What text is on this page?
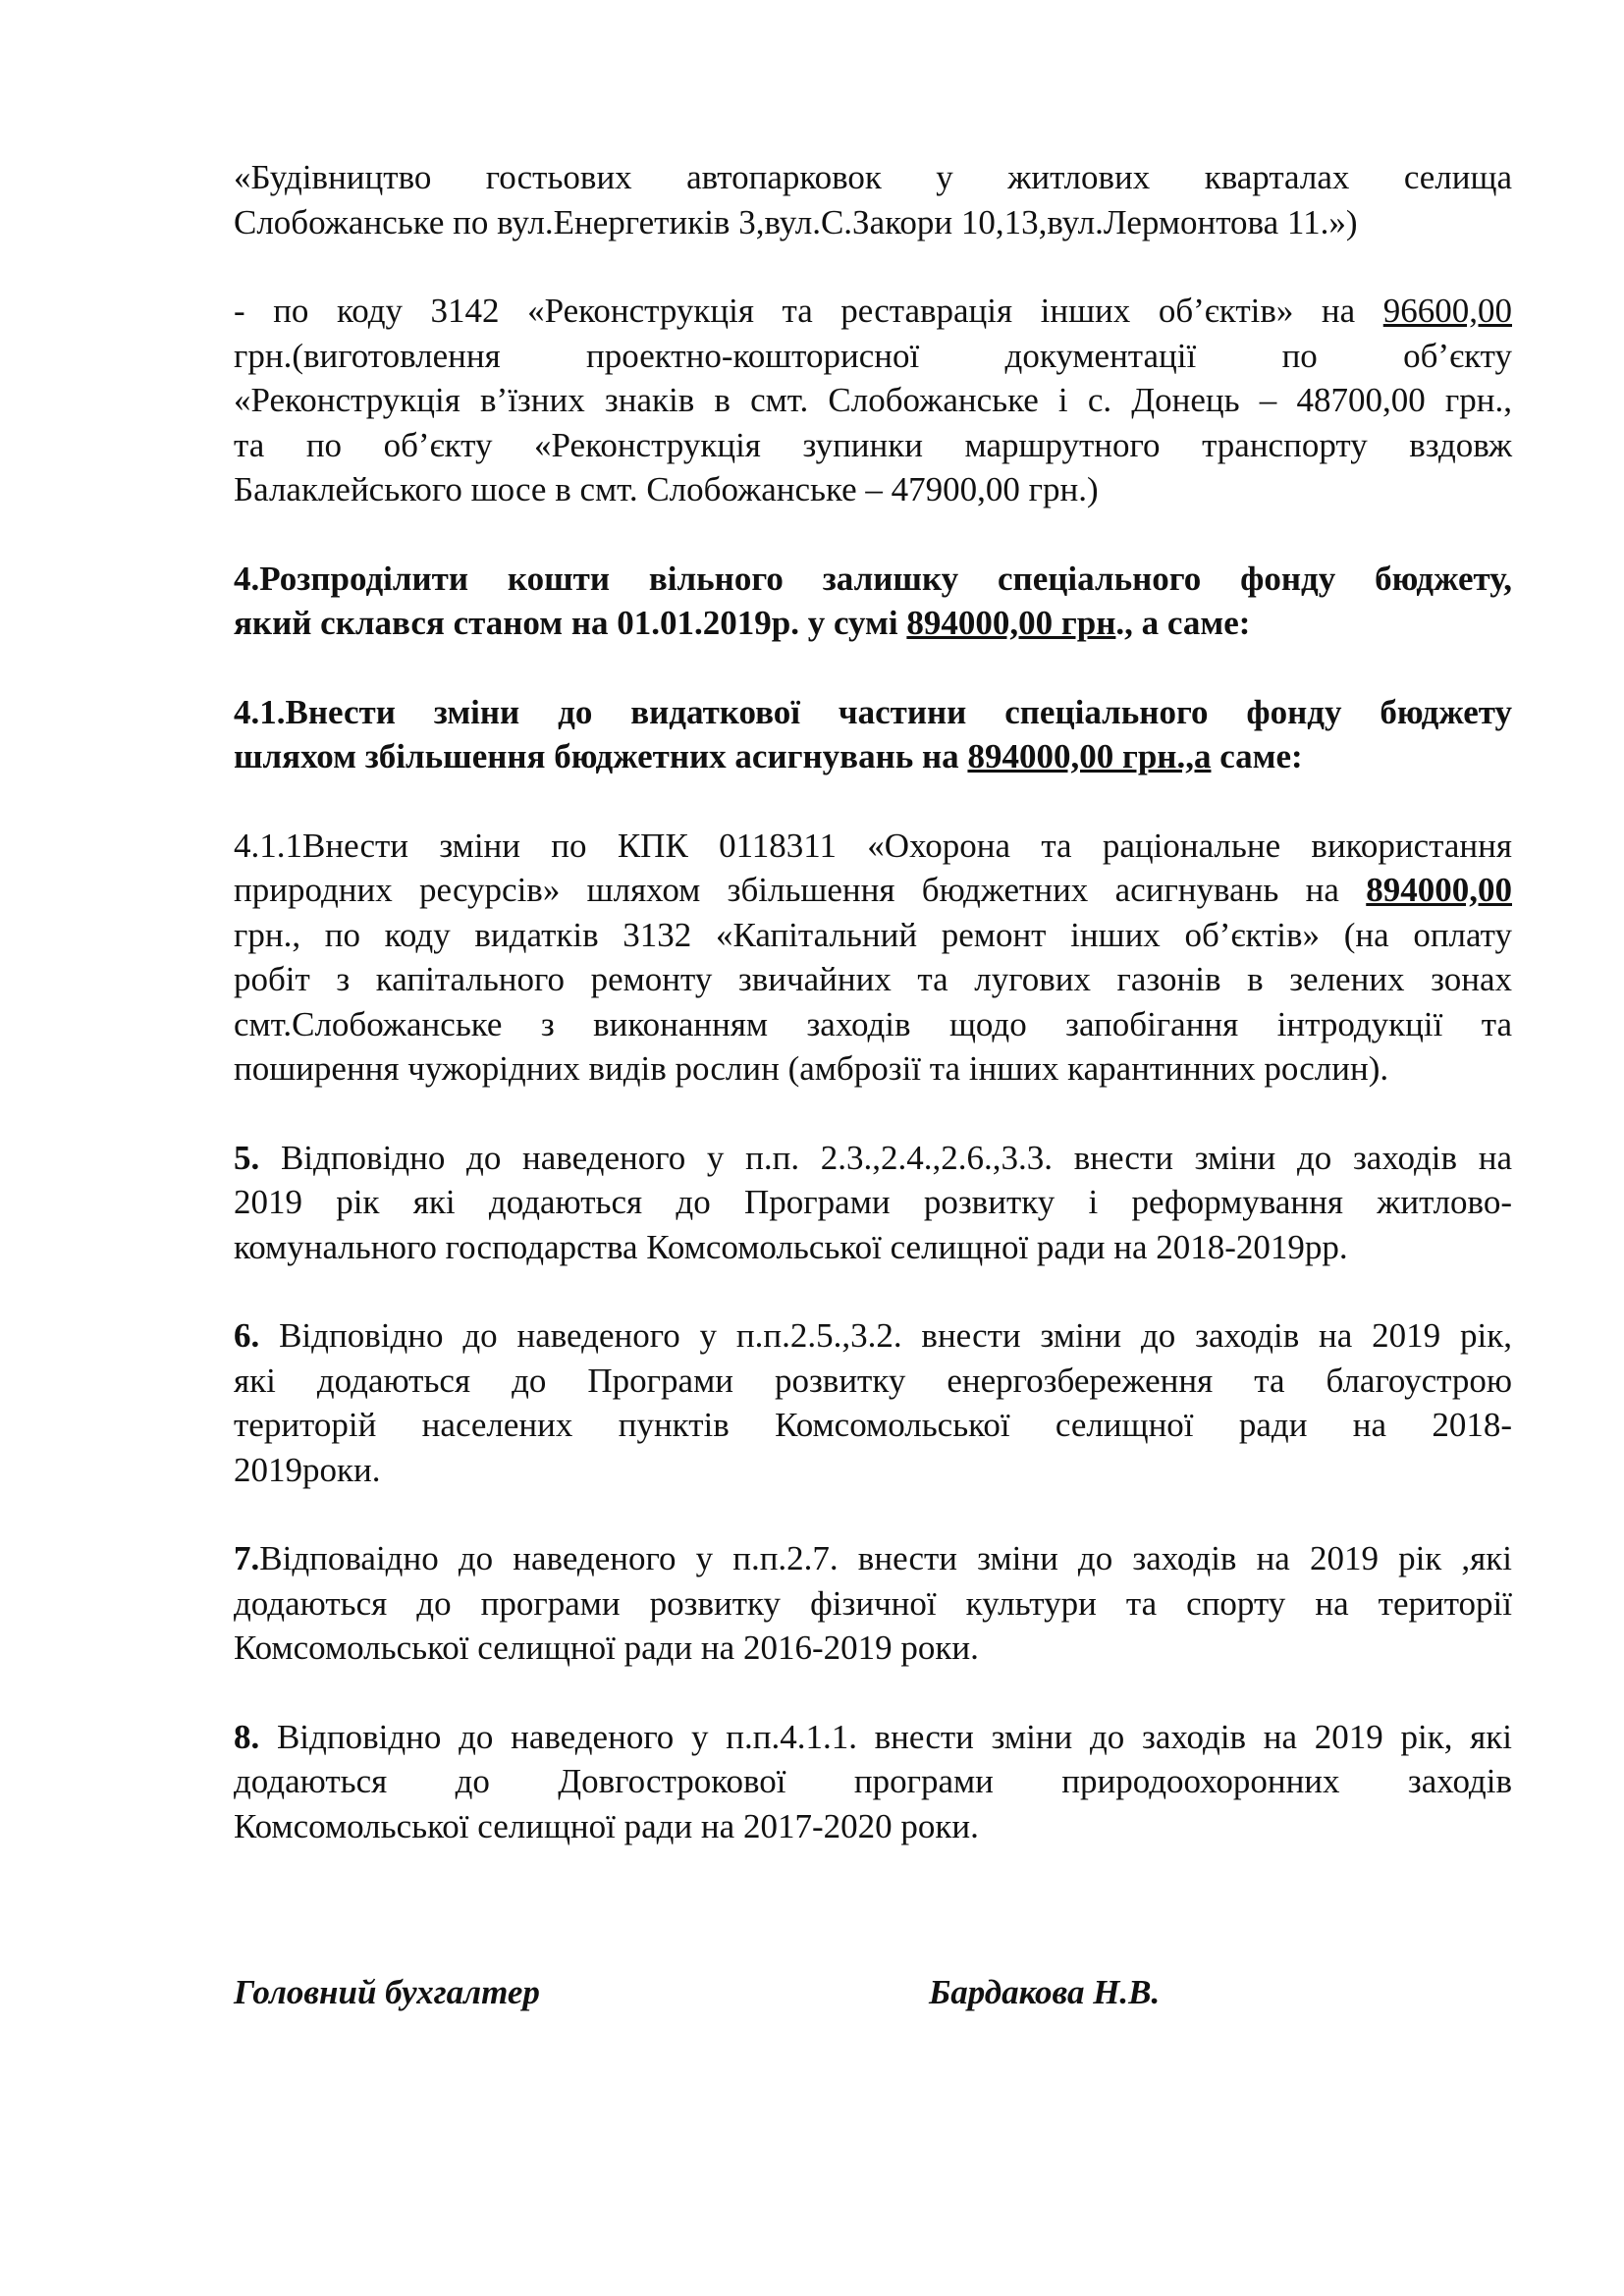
«Будівництво гостьових автопарковок у житлових кварталах селища
Слобожанське по вул.Енергетиків 3,вул.С.Закори 10,13,вул.Лермонтова 11.»)

- по коду 3142 «Реконструкція та реставрація інших об’єктів» на 96600,00
грн.(виготовлення проектно-кошторисної документації по об’єкту
«Реконструкція в’їзних знаків в смт. Слобожанське і с. Донець – 48700,00 грн.,
та по об’єкту «Реконструкція зупинки маршрутного транспорту вздовж
Балаклейського шосе в смт. Слобожанське – 47900,00 грн.)

4.Розпроділити кошти вільного залишку спеціального фонду бюджету,
який склався станом на 01.01.2019р. у сумі 894000,00 грн., а саме:

4.1.Внести зміни до видаткової частини спеціального фонду бюджету
шляхом збільшення бюджетних асигнувань на 894000,00 грн.,а саме:

4.1.1Внести зміни по КПК 0118311 «Охорона та раціональне використання
природних ресурсів» шляхом збільшення бюджетних асигнувань на 894000,00
грн., по коду видатків 3132 «Капітальний ремонт інших об’єктів» (на оплату
робіт з капітального ремонту звичайних та лугових газонів в зелених зонах
смт.Слобожанське з виконанням заходів щодо запобігання інтродукції та
поширення чужорідних видів рослин (амброзії та інших карантинних рослин).

5. Відповідно до наведеного у п.п. 2.3.,2.4.,2.6.,3.3. внести зміни до заходів на
2019 рік які додаються до Програми розвитку і реформування житлово-
комунального господарства Комсомольської селищної ради на 2018-2019рр.

6. Відповідно до наведеного у п.п.2.5.,3.2. внести зміни до заходів на 2019 рік,
які додаються до Програми розвитку енергозбереження та благоустрою
територій населених пунктів Комсомольської селищної ради на 2018-
2019роки.

7.Відповаідно до наведеного у п.п.2.7. внести зміни до заходів на 2019 рік ,які
додаються до програми розвитку фізичної культури та спорту на території
Комсомольської селищної ради на 2016-2019 роки.

8. Відповідно до наведеного у п.п.4.1.1. внести зміни до заходів на 2019 рік, які
додаються до Довгострокової програми природоохоронних заходів
Комсомольської селищної ради на 2017-2020 роки.

Головний бухгалтер	Бардакова Н.В.
